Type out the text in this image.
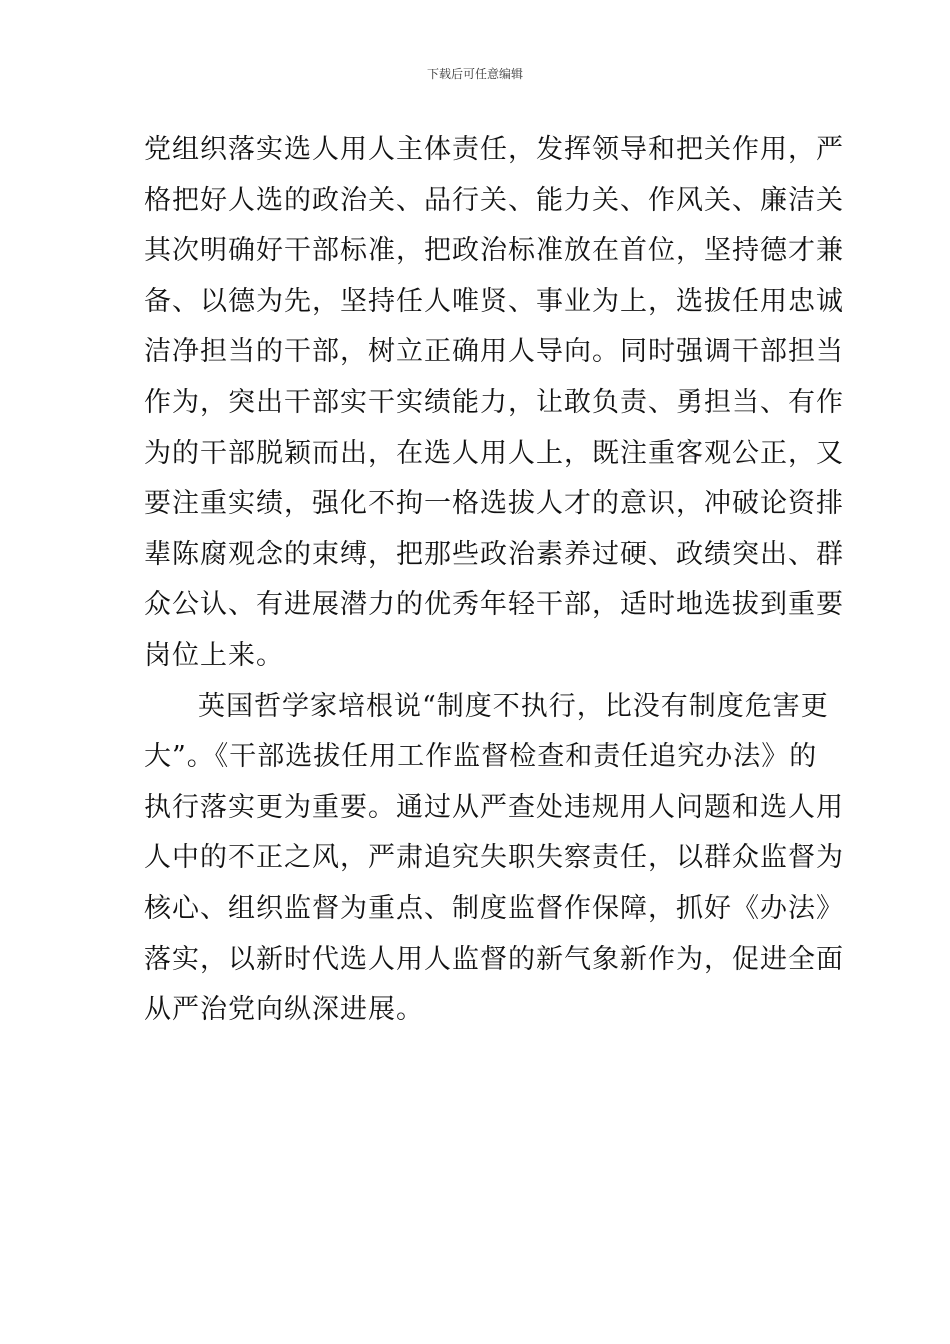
下载后可任意编辑
党组织落实选人用人主体责任，发挥领导和把关作用，严
格把好人选的政治关、品行关、能力关、作风关、廉洁关
其次明确好干部标准，把政治标准放在首位，坚持德才兼
备、以德为先，坚持任人唯贤、事业为上，选拔任用忠诚
洁净担当的干部，树立正确用人导向。同时强调干部担当
作为，突出干部实干实绩能力，让敢负责、勇担当、有作
为的干部脱颖而出，在选人用人上，既注重客观公正，又
要注重实绩，强化不拘一格选拔人才的意识，冲破论资排
辈陈腐观念的束缚，把那些政治素养过硬、政绩突出、群
众公认、有进展潜力的优秀年轻干部，适时地选拔到重要
岗位上来。
英国哲学家培根说“制度不执行，比没有制度危害更
大”。《干部选拔任用工作监督检查和责任追究办法》的
执行落实更为重要。通过从严查处违规用人问题和选人用
人中的不正之风，严肃追究失职失察责任，以群众监督为
核心、组织监督为重点、制度监督作保障，抓好《办法》
落实，以新时代选人用人监督的新气象新作为，促进全面
从严治党向纵深进展。
